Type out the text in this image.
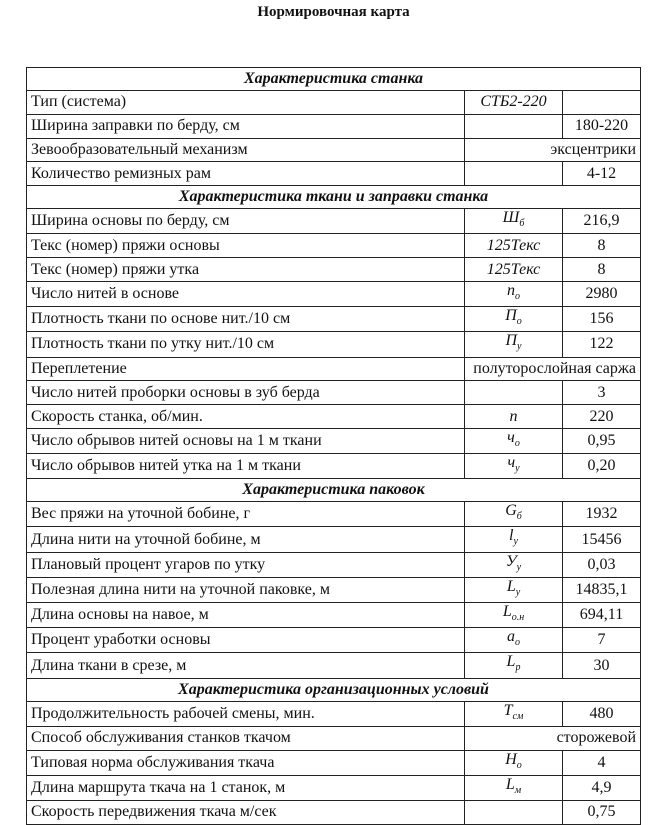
Нормировочная карта
Характеристика станка		
Тип (система)	СТБ2-220	
Ширина заправки по берду, см		180-220
Зевообразовательный механизм	эксцентрики	
Количество ремизных рам		4-12
Характеристика ткани и заправки станка		
Ширина основы по берду, см	$Ш_б$	216,9
Текс (номер) пряжи основы	125Текс	8
Текс (номер) пряжи утка	125Текс	8
Число нитей в основе	$n_о$	2980
Плотность ткани по основе нит./10 см	$П_о$	156
Плотность ткани по утку нит./10 см	$П_у$	122
Переплетение	полуторослойная саржа	
Число нитей проборки основы в зуб берда		3
Скорость станка, об/мин.	n	220
Число обрывов нитей основы на 1 м ткани	$ч_о$	0,95
Число обрывов нитей утка на 1 м ткани	$ч_у$	0,20
Характеристика паковок		
Вес пряжи на уточной бобине, г	$G_б$	1932
Длина нити на уточной бобине, м	$l_у$	15456
Плановый процент угаров по утку	$У_у$	0,03
Полезная длина нити на уточной паковке, м	$L_у$	14835,1
Длина основы на навое, м	$L_{о.н}$	694,11
Процент уработки основы	$a_о$	7
Длина ткани в срезе, м	$L_р$	30
Характеристика организационных условий		
Продолжительность рабочей смены, мин.	$T_{см}$	480
Способ обслуживания станков ткачом	сторожевой	
Типовая норма обслуживания ткача	$Н_о$	4
Длина маршрута ткача на 1 станок, м	$L_м$	4,9
Скорость передвижения ткача м/сек		0,75
